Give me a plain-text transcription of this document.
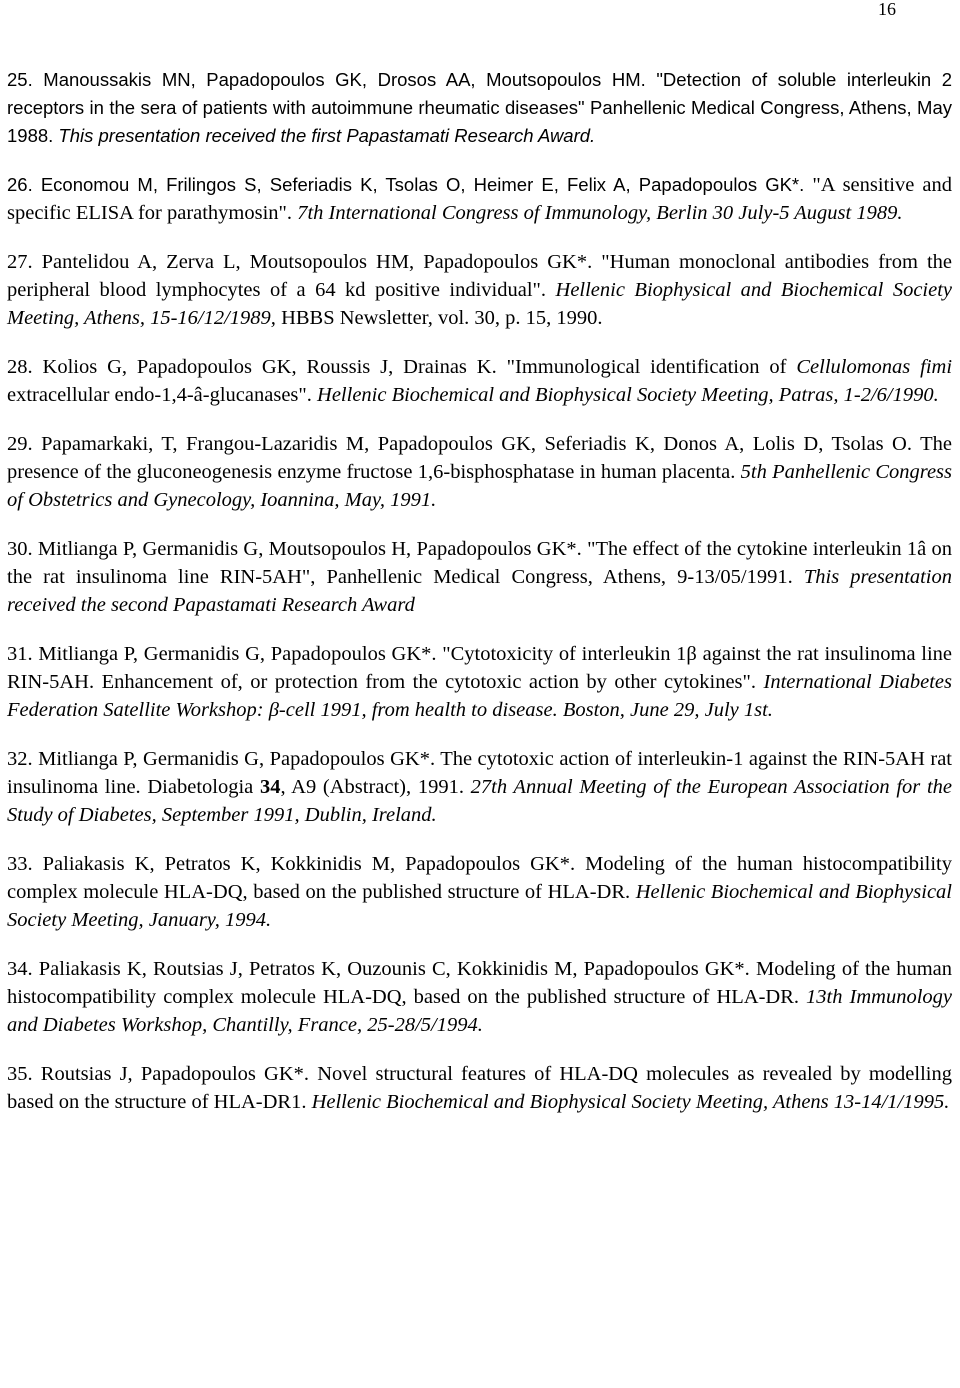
16

25. Manoussakis MN, Papadopoulos GK, Drosos AA, Moutsopoulos HM. "Detection of soluble interleukin 2 receptors in the sera of patients with autoimmune rheumatic diseases" Panhellenic Medical Congress, Athens, May 1988. This presentation received the first Papastamati Research Award.

26. Economou M, Frilingos S, Seferiadis K, Tsolas O, Heimer E, Felix A, Papadopoulos GK*. "A sensitive and specific ELISA for parathymosin". 7th International Congress of Immunology, Berlin 30 July-5 August 1989.

27. Pantelidou A, Zerva L, Moutsopoulos HM, Papadopoulos GK*. "Human monoclonal antibodies from the peripheral blood lymphocytes of a 64 kd positive individual". Hellenic Biophysical and Biochemical Society Meeting, Athens, 15-16/12/1989, HBBS Newsletter, vol. 30, p. 15, 1990.

28. Kolios G, Papadopoulos GK, Roussis J, Drainas K. "Immunological identification of Cellulomonas fimi extracellular endo-1,4-â-glucanases". Hellenic Biochemical and Biophysical Society Meeting, Patras, 1-2/6/1990.

29. Papamarkaki, T, Frangou-Lazaridis M, Papadopoulos GK, Seferiadis K, Donos A, Lolis D, Tsolas O. The presence of the gluconeogenesis enzyme fructose 1,6-bisphosphatase in human placenta. 5th Panhellenic Congress of Obstetrics and Gynecology, Ioannina, May, 1991.

30. Mitlianga P, Germanidis G, Moutsopoulos H, Papadopoulos GK*. "The effect of the cytokine interleukin 1â on the rat insulinoma line RIN-5AH", Panhellenic Medical Congress, Athens, 9-13/05/1991. This presentation received the second Papastamati Research Award

31. Mitlianga P, Germanidis G, Papadopoulos GK*. "Cytotoxicity of interleukin 1β against the rat insulinoma line RIN-5AH. Enhancement of, or protection from the cytotoxic action by other cytokines". International Diabetes Federation Satellite Workshop: β-cell 1991, from health to disease. Boston, June 29, July 1st.

32. Mitlianga P, Germanidis G, Papadopoulos GK*. The cytotoxic action of interleukin-1 against the RIN-5AH rat insulinoma line. Diabetologia 34, A9 (Abstract), 1991. 27th Annual Meeting of the European Association for the Study of Diabetes, September 1991, Dublin, Ireland.

33. Paliakasis K, Petratos K, Kokkinidis M, Papadopoulos GK*. Modeling of the human histocompatibility complex molecule HLA-DQ, based on the published structure of HLA-DR. Hellenic Biochemical and Biophysical Society Meeting, January, 1994.

34. Paliakasis K, Routsias J, Petratos K, Ouzounis C, Kokkinidis M, Papadopoulos GK*. Modeling of the human histocompatibility complex molecule HLA-DQ, based on the published structure of HLA-DR. 13th Immunology and Diabetes Workshop, Chantilly, France, 25-28/5/1994.

35. Routsias J, Papadopoulos GK*. Novel structural features of HLA-DQ molecules as revealed by modelling based on the structure of HLA-DR1. Hellenic Biochemical and Biophysical Society Meeting, Athens 13-14/1/1995.
